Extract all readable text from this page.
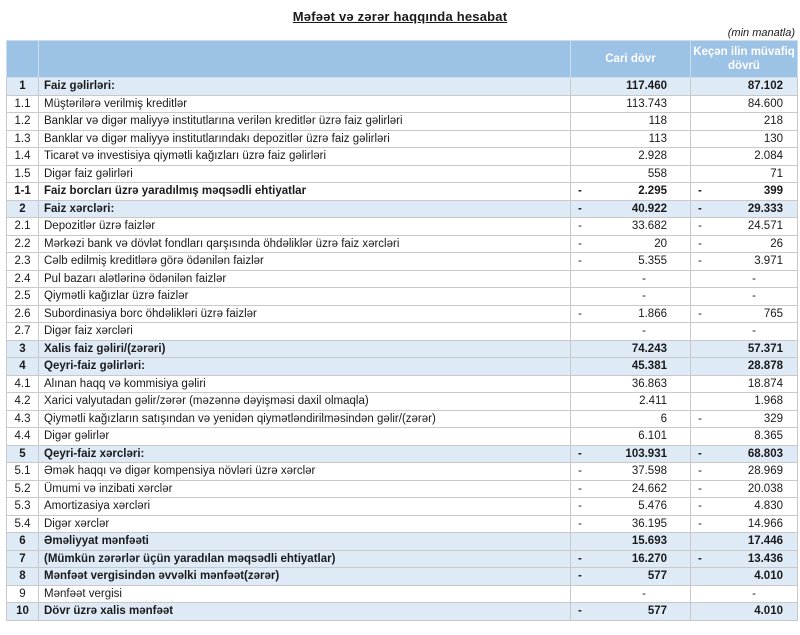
Məfəət və zərər haqqında hesabat
(min manatla)
		Cari dövr	Keçən ilin müvafiq dövrü
1	Faiz gəlirləri:	117.460	87.102
1.1	Müştərilərə verilmiş kreditlər	113.743	84.600
1.2	Banklar və digər maliyyə institutlarına verilən kreditlər üzrə faiz gəlirləri	118	218
1.3	Banklar və digər maliyyə institutlarındakı depozitlər üzrə faiz gəlirləri	113	130
1.4	Ticarət və investisiya qiymətli kağızları üzrə faiz gəlirləri	2.928	2.084
1.5	Digər faiz gəlirləri	558	71
1-1	Faiz borcları üzrə yaradılmış məqsədli ehtiyatlar	- 2.295	- 399
2	Faiz xərcləri:	- 40.922	- 29.333
2.1	Depozitlər üzrə faizlər	- 33.682	- 24.571
2.2	Mərkəzi bank və dövlət fondları qarşısında öhdəliklər üzrə faiz xərcləri	- 20	- 26
2.3	Cəlb edilmiş kreditlərə görə ödənilən faizlər	- 5.355	- 3.971
2.4	Pul bazarı alətlərinə ödənilən faizlər	-	-
2.5	Qiymətli kağızlar üzrə faizlər	-	-
2.6	Subordinasiya borc öhdəlikləri üzrə faizlər	- 1.866	- 765
2.7	Digər faiz xərcləri	-	-
3	Xalis faiz gəliri/(zərəri)	74.243	57.371
4	Qeyri-faiz gəlirləri:	45.381	28.878
4.1	Alınan haqq və kommisiya gəliri	36.863	18.874
4.2	Xarici valyutadan gəlir/zərər (məzənnə dəyişməsi daxil olmaqla)	2.411	1.968
4.3	Qiymətli kağızların satışından və yenidən qiymətləndirilməsindən gəlir/(zərər)	6	- 329
4.4	Digər gəlirlər	6.101	8.365
5	Qeyri-faiz xərcləri:	- 103.931	- 68.803
5.1	Əmək haqqı və digər kompensiya növləri üzrə xərclər	- 37.598	- 28.969
5.2	Ümumi və inzibati xərclər	- 24.662	- 20.038
5.3	Amortizasiya xərcləri	- 5.476	- 4.830
5.4	Digər xərclər	- 36.195	- 14.966
6	Əməliyyat mənfəəti	15.693	17.446
7	(Mümkün zərərlər üçün yaradılan məqsədli ehtiyatlar)	- 16.270	- 13.436
8	Mənfəət vergisindən əvvəlki mənfəət(zərər)	- 577	4.010
9	Mənfəət vergisi	-	-
10	Dövr üzrə xalis mənfəət	- 577	4.010
